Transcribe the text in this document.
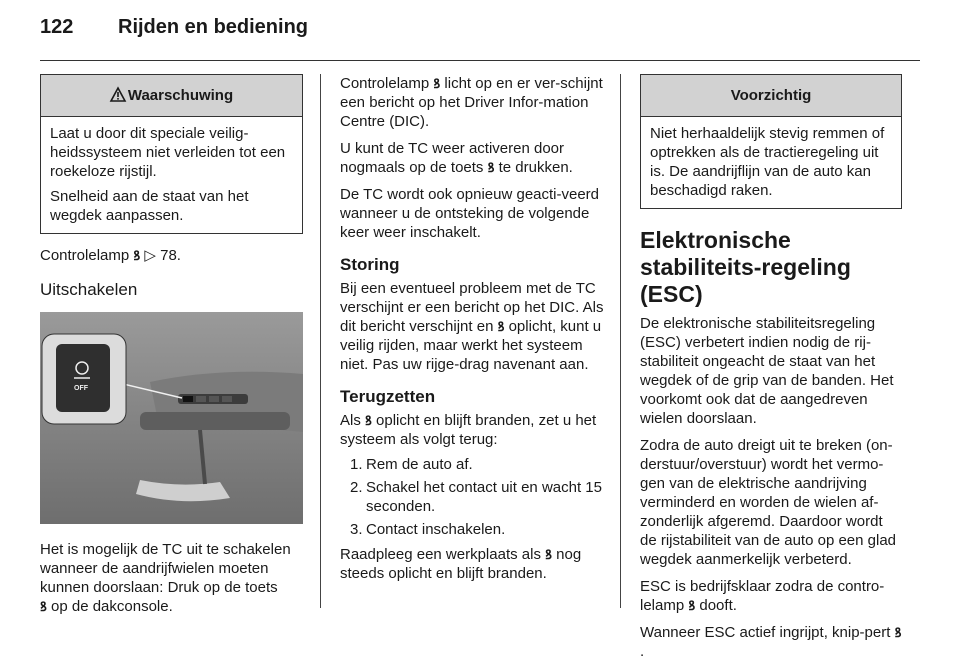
122	Rijden en bediening
Waarschuwing

Laat u door dit speciale veilig-heidssysteem niet verleiden tot een roekeloze rijstijl.

Snelheid aan de staat van het wegdek aanpassen.

Controlelamp ꝸ ▷ 78.

Uitschakelen
OFF

Het is mogelijk de TC uit te schakelen wanneer de aandrijfwielen moeten kunnen doorslaan: Druk op de toets
ꝸ op de dakconsole.

Controlelamp ꝸ licht op en er ver-schijnt een bericht op het Driver Infor-mation Centre (DIC).

U kunt de TC weer activeren door nogmaals op de toets ꝸ te drukken.

De TC wordt ook opnieuw geacti-veerd wanneer u de ontsteking de volgende keer weer inschakelt.

Storing

Bij een eventueel probleem met de TC verschijnt er een bericht op het DIC. Als dit bericht verschijnt en ꝸ oplicht, kunt u veilig rijden, maar werkt het systeem niet. Pas uw rijge-drag navenant aan.

Terugzetten

Als ꝸ oplicht en blijft branden, zet u het systeem als volgt terug:

1. Rem de auto af.
2. Schakel het contact uit en wacht 15 seconden.
3. Contact inschakelen.

Raadpleeg een werkplaats als ꝸ nog steeds oplicht en blijft branden.

Voorzichtig

Niet herhaaldelijk stevig remmen of optrekken als de tractieregeling uit is. De aandrijflijn van de auto kan beschadigd raken.

Elektronische stabiliteits-regeling (ESC)

De elektronische stabiliteitsregeling (ESC) verbetert indien nodig de rij-stabiliteit ongeacht de staat van het wegdek of de grip van de banden. Het voorkomt ook dat de aangedreven wielen doorslaan.

Zodra de auto dreigt uit te breken (on-derstuur/overstuur) wordt het vermo-gen van de elektrische aandrijving verminderd en worden de wielen af-zonderlijk afgeremd. Daardoor wordt de rijstabiliteit van de auto op een glad wegdek aanmerkelijk verbeterd.

ESC is bedrijfsklaar zodra de contro-lelamp ꝸ dooft.

Wanneer ESC actief ingrijpt, knip-pert ꝸ.
